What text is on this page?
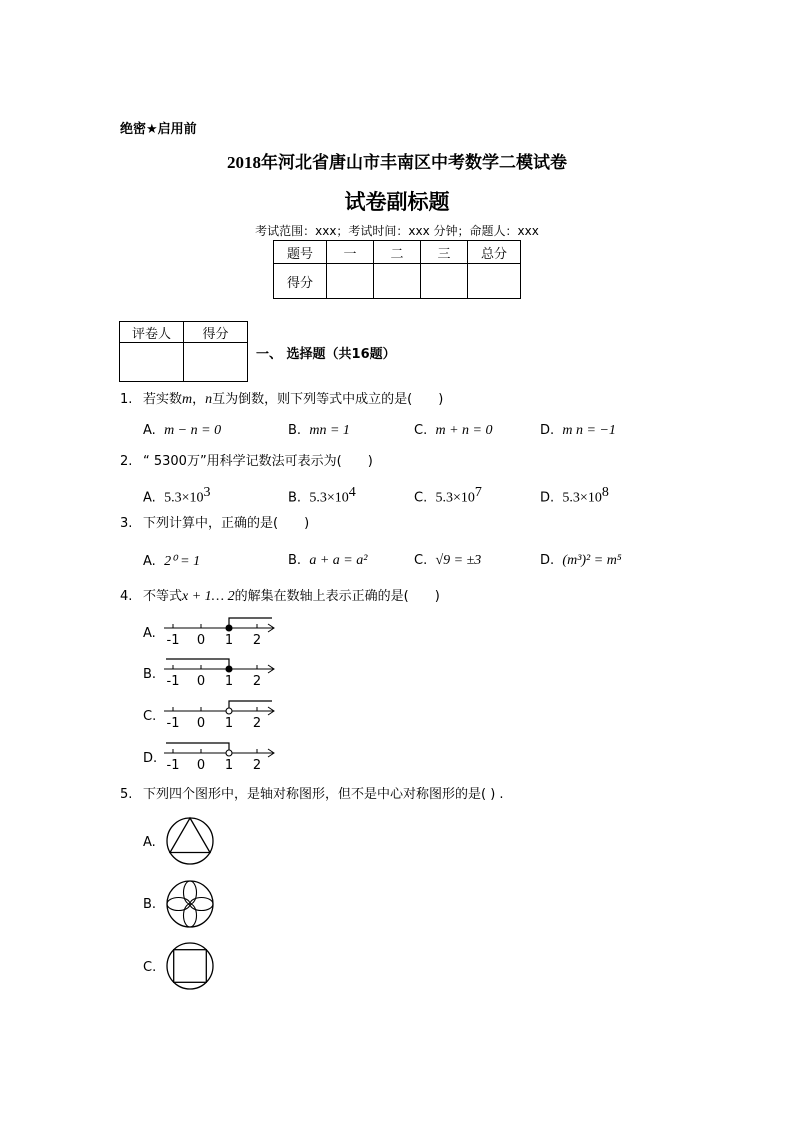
绝密★启用前
2018年河北省唐山市丰南区中考数学二模试卷
试卷副标题
考试范围：xxx；考试时间：xxx 分钟；命题人：xxx
题号	一	二	三	总分
得分				
评卷人	得分

一、 选择题（共16题）
1. 若实数m，n互为倒数，则下列等式中成立的是(　　)
A. m − n = 0	B. mn = 1	C. m + n = 0	D. m n = −1
2. “ 5300万”用科学记数法可表示为(　　)
A. $5.3\times 10^3$	B. $5.3\times 10^4$	C. $5.3\times 10^7$	D. $5.3\times 10^8$
3. 下列计算中，正确的是(　　)
A. 2⁰ = 1	B. a + a = a²	C. √9 = ±3	D. (m³)² = m⁵
4. 不等式x + 1… 2的解集在数轴上表示正确的是(　　)
A. -1 0 1 2
B. -1 0 1 2
C. -1 0 1 2
D. -1 0 1 2
5. 下列四个图形中，是轴对称图形，但不是中心对称图形的是( ) .
A.
B.
C.
